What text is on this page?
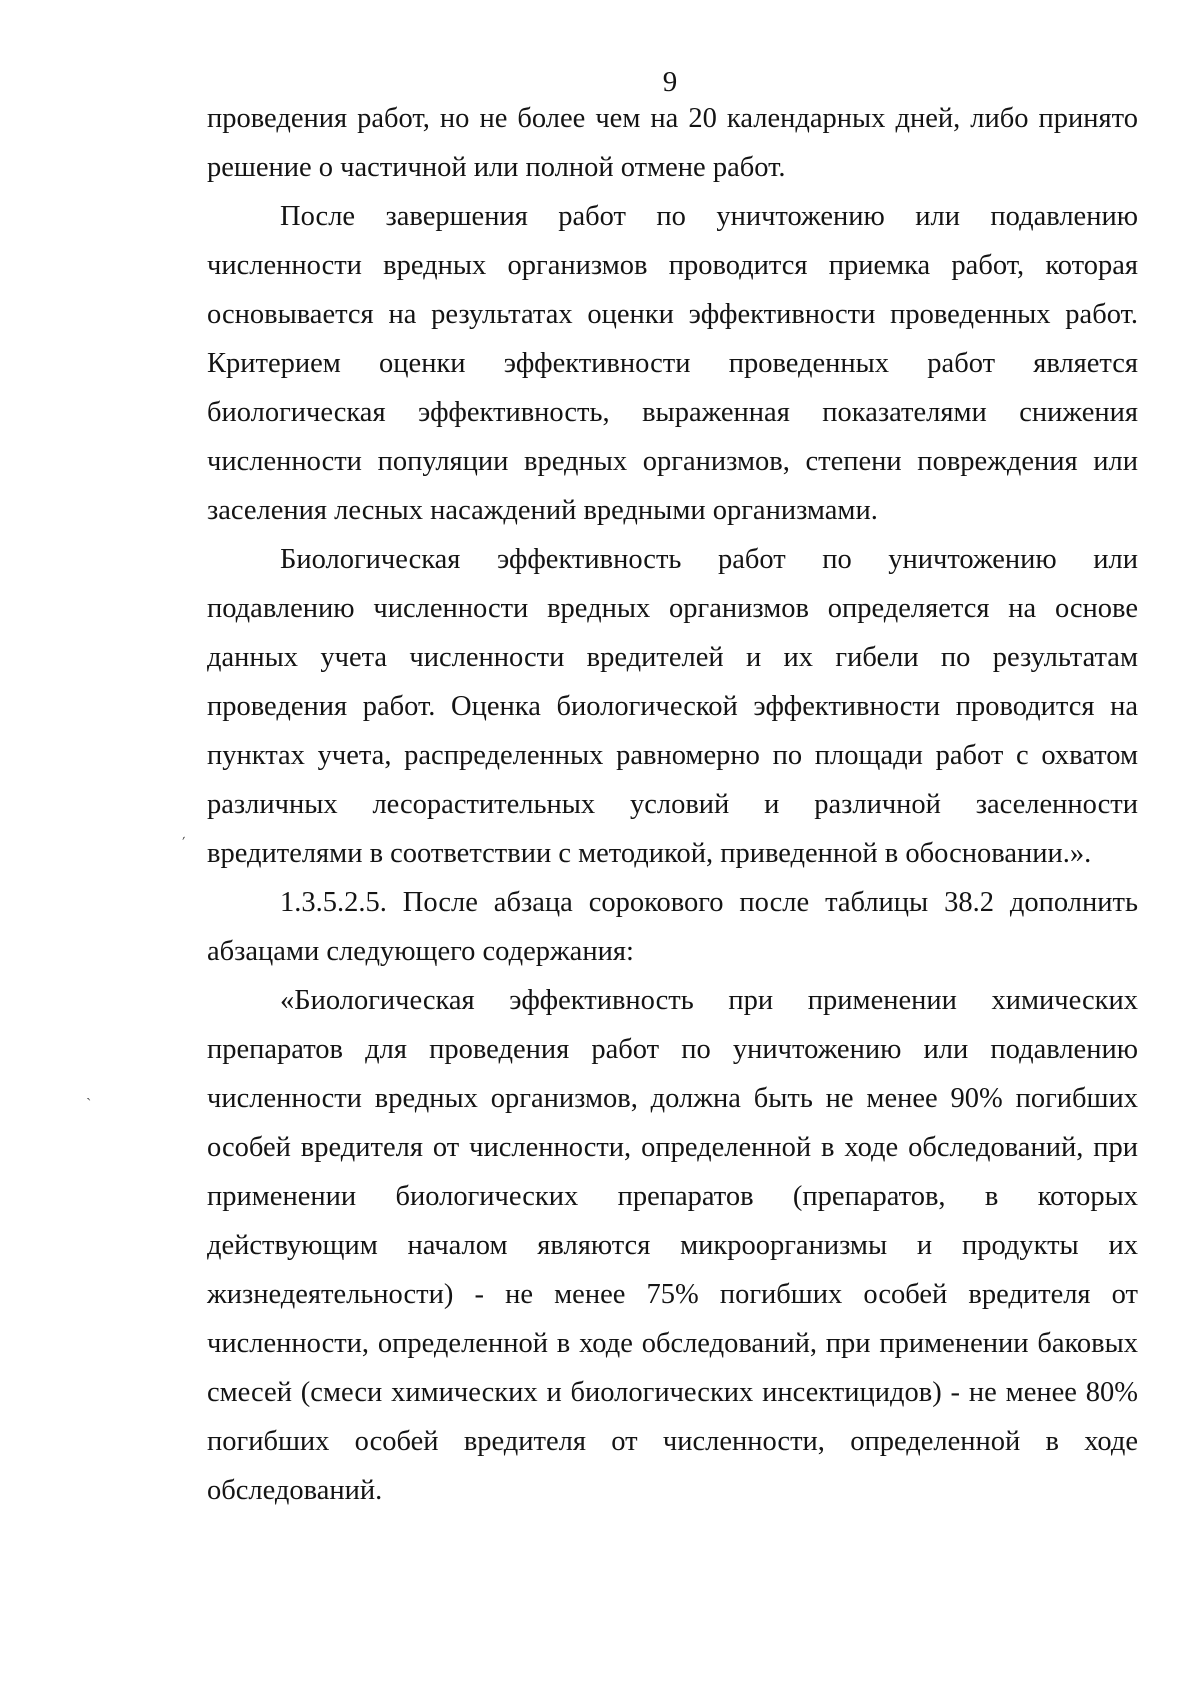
9
проведения работ, но не более чем на 20 календарных дней, либо принято
решение о частичной или полной отмене работ.
После завершения работ по уничтожению или подавлению
численности вредных организмов проводится приемка работ, которая
основывается на результатах оценки эффективности проведенных работ.
Критерием оценки эффективности проведенных работ является
биологическая эффективность, выраженная показателями снижения
численности популяции вредных организмов, степени повреждения или
заселения лесных насаждений вредными организмами.
Биологическая эффективность работ по уничтожению или
подавлению численности вредных организмов определяется на основе
данных учета численности вредителей и их гибели по результатам
проведения работ. Оценка биологической эффективности проводится на
пунктах учета, распределенных равномерно по площади работ с охватом
различных лесорастительных условий и различной заселенности
вредителями в соответствии с методикой, приведенной в обосновании.».
1.3.5.2.5. После абзаца сорокового после таблицы 38.2 дополнить
абзацами следующего содержания:
«Биологическая эффективность при применении химических
препаратов для проведения работ по уничтожению или подавлению
численности вредных организмов, должна быть не менее 90% погибших
особей вредителя от численности, определенной в ходе обследований, при
применении биологических препаратов (препаратов, в которых
действующим началом являются микроорганизмы и продукты их
жизнедеятельности) - не менее 75% погибших особей вредителя от
численности, определенной в ходе обследований, при применении баковых
смесей (смеси химических и биологических инсектицидов) - не менее 80%
погибших особей вредителя от численности, определенной в ходе
обследований.
ˊ
ˋ
